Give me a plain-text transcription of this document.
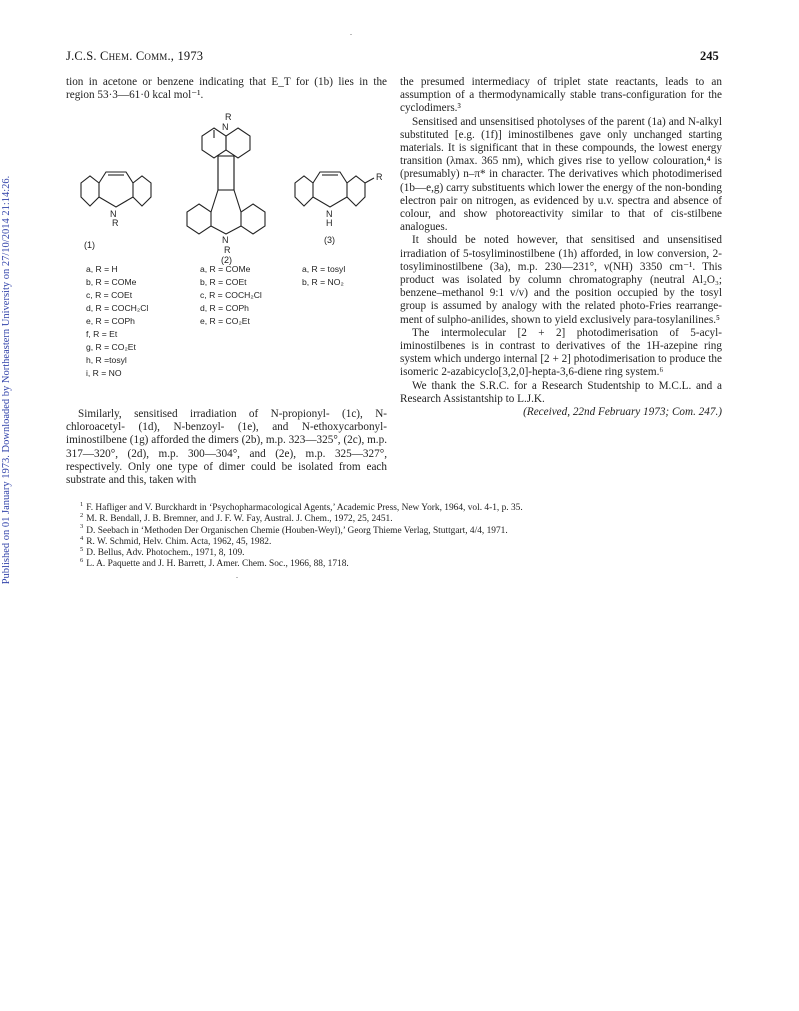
Published on 01 January 1973. Downloaded by Northeastern University on 27/10/2014 21:14:26.
J.C.S. Chem. Comm., 1973	245

tion in acetone or benzene indicating that E_T for (1b) lies in the region 53·3—61·0 kcal mol⁻¹.

N
R
(1)
R
N
N
R
(2)
N
H
R
(3)
a, R = H
b, R = COMe
c, R = COEt
d, R = COCH₂Cl
e, R = COPh
f, R = Et
g, R = CO₂Et
h, R =tosyl
i, R = NO
a, R = COMe
b, R = COEt
c, R = COCH₂Cl
d, R = COPh
e, R = CO₂Et
a, R = tosyl
b, R = NO₂

Similarly, sensitised irradiation of N-propionyl- (1c), N-chloroacetyl- (1d), N-benzoyl- (1e), and N-ethoxycarbonyl-iminostilbene (1g) afforded the dimers (2b), m.p. 323—325°, (2c), m.p. 317—320°, (2d), m.p. 300—304°, and (2e), m.p. 325—327°, respectively. Only one type of dimer could be isolated from each substrate and this, taken with

the presumed intermediacy of triplet state reactants, leads to an assumption of a thermodynamically stable trans-configuration for the cyclodimers.³

Sensitised and unsensitised photolyses of the parent (1a) and N-alkyl substituted [e.g. (1f)] iminostilbenes gave only unchanged starting materials. It is significant that in these compounds, the lowest energy transition (λmax. 365 nm), which gives rise to yellow colouration,⁴ is (presumably) n–π* in character. The derivatives which photodimerised (1b—e,g) carry substituents which lower the energy of the non-bonding electron pair on nitrogen, as evidenced by u.v. spectra and absence of colour, and show photoreactivity similar to that of cis-stilbene analogues.

It should be noted however, that sensitised and unsensitised irradiation of 5-tosyliminostilbene (1h) afforded, in low conversion, 2-tosyliminostilbene (3a), m.p. 230—231°, ν(NH) 3350 cm⁻¹. This product was isolated by column chromatography (neutral Al₂O₃; benzene–methanol 9:1 v/v) and the position occupied by the tosyl group is assumed by analogy with the related photo-Fries rearrangement of sulpho-anilides, shown to yield exclusively para-tosylanilines.⁵

The intermolecular [2 + 2] photodimerisation of 5-acyliminostilbenes is in contrast to derivatives of the 1H-azepine ring system which undergo internal [2 + 2] photodimerisation to produce the isomeric 2-azabicyclo[3,2,0]-hepta-3,6-diene ring system.⁶

We thank the S.R.C. for a Research Studentship to M.C.L. and a Research Assistantship to L.J.K.

(Received, 22nd February 1973; Com. 247.)

$^1$ F. Hafliger and V. Burckhardt in ‘Psychopharmacological Agents,’ Academic Press, New York, 1964, vol. 4-1, p. 35.
$^2$ M. R. Bendall, J. B. Bremner, and J. F. W. Fay, Austral. J. Chem., 1972, 25, 2451.
$^3$ D. Seebach in ‘Methoden Der Organischen Chemie (Houben-Weyl),’ Georg Thieme Verlag, Stuttgart, 4/4, 1971.
$^4$ R. W. Schmid, Helv. Chim. Acta, 1962, 45, 1982.
$^5$ D. Bellus, Adv. Photochem., 1971, 8, 109.
$^6$ L. A. Paquette and J. H. Barrett, J. Amer. Chem. Soc., 1966, 88, 1718.
